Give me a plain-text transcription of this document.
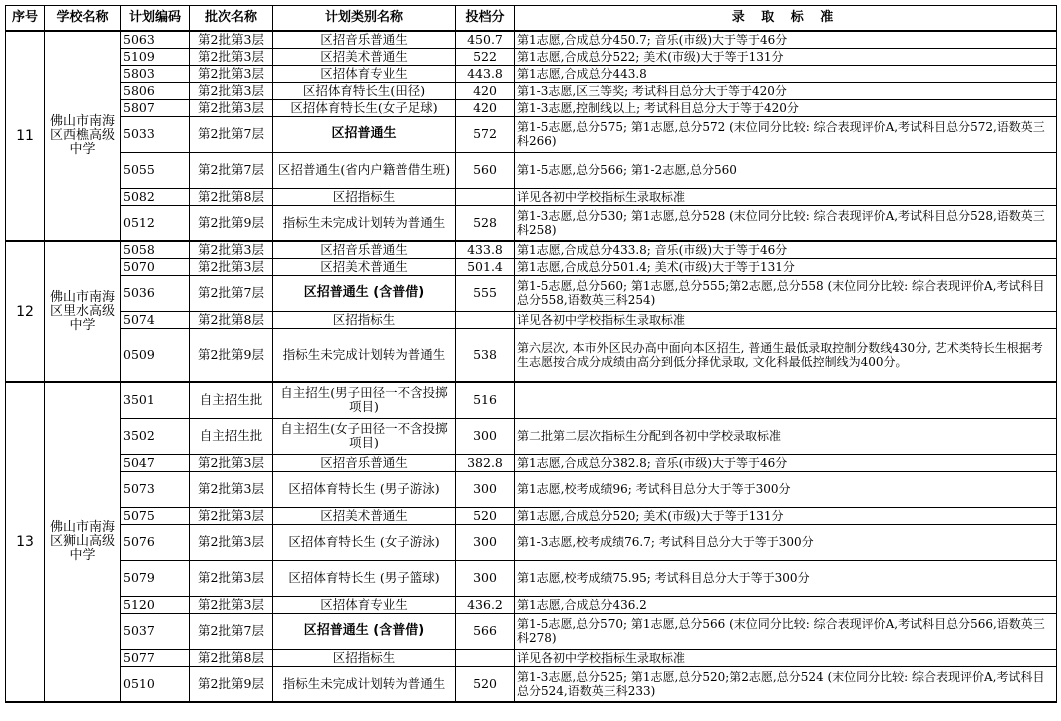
序号	学校名称	计划编码	批次名称	计划类别名称	投档分	录 取 标 准
11	佛山市南海区西樵高级中学	5063	第2批第3层	区招音乐普通生	450.7	第1志愿,合成总分450.7; 音乐(市级)大于等于46分
		5109	第2批第3层	区招美术普通生	522	第1志愿,合成总分522; 美术(市级)大于等于131分
		5803	第2批第3层	区招体育专业生	443.8	第1志愿,合成总分443.8
		5806	第2批第3层	区招体育特长生(田径)	420	第1-3志愿,区三等奖; 考试科目总分大于等于420分
		5807	第2批第3层	区招体育特长生(女子足球)	420	第1-3志愿,控制线以上; 考试科目总分大于等于420分
		5033	第2批第7层	区招普通生	572	第1-5志愿,总分575; 第1志愿,总分572 (末位同分比较: 综合表现评价A,考试科目总分572,语数英三科266)
		5055	第2批第7层	区招普通生(省内户籍普借生班)	560	第1-5志愿,总分566; 第1-2志愿,总分560
		5082	第2批第8层	区招指标生		详见各初中学校指标生录取标准
		0512	第2批第9层	指标生未完成计划转为普通生	528	第1-3志愿,总分530; 第1志愿,总分528 (末位同分比较: 综合表现评价A,考试科目总分528,语数英三科258)
12	佛山市南海区里水高级中学	5058	第2批第3层	区招音乐普通生	433.8	第1志愿,合成总分433.8; 音乐(市级)大于等于46分
		5070	第2批第3层	区招美术普通生	501.4	第1志愿,合成总分501.4; 美术(市级)大于等于131分
		5036	第2批第7层	区招普通生 (含普借)	555	第1-5志愿,总分560; 第1志愿,总分555;第2志愿,总分558 (末位同分比较: 综合表现评价A,考试科目总分558,语数英三科254)
		5074	第2批第8层	区招指标生		详见各初中学校指标生录取标准
		0509	第2批第9层	指标生未完成计划转为普通生	538	第六层次, 本市外区民办高中面向本区招生, 普通生最低录取控制分数线430分, 艺术类特长生根据考生志愿按合成分成绩由高分到低分择优录取, 文化科最低控制线为400分。
13	佛山市南海区狮山高级中学	3501	自主招生批	自主招生(男子田径一不含投掷项目)	516	
		3502	自主招生批	自主招生(女子田径一不含投掷项目)	300	第二批第二层次指标生分配到各初中学校录取标准
		5047	第2批第3层	区招音乐普通生	382.8	第1志愿,合成总分382.8; 音乐(市级)大于等于46分
		5073	第2批第3层	区招体育特长生 (男子游泳)	300	第1志愿,校考成绩96; 考试科目总分大于等于300分
		5075	第2批第3层	区招美术普通生	520	第1志愿,合成总分520; 美术(市级)大于等于131分
		5076	第2批第3层	区招体育特长生 (女子游泳)	300	第1-3志愿,校考成绩76.7; 考试科目总分大于等于300分
		5079	第2批第3层	区招体育特长生 (男子篮球)	300	第1志愿,校考成绩75.95; 考试科目总分大于等于300分
		5120	第2批第3层	区招体育专业生	436.2	第1志愿,合成总分436.2
		5037	第2批第7层	区招普通生 (含普借)	566	第1-5志愿,总分570; 第1志愿,总分566 (末位同分比较: 综合表现评价A,考试科目总分566,语数英三科278)
		5077	第2批第8层	区招指标生		详见各初中学校指标生录取标准
		0510	第2批第9层	指标生未完成计划转为普通生	520	第1-3志愿,总分525; 第1志愿,总分520;第2志愿,总分524 (末位同分比较: 综合表现评价A,考试科目总分524,语数英三科233)
